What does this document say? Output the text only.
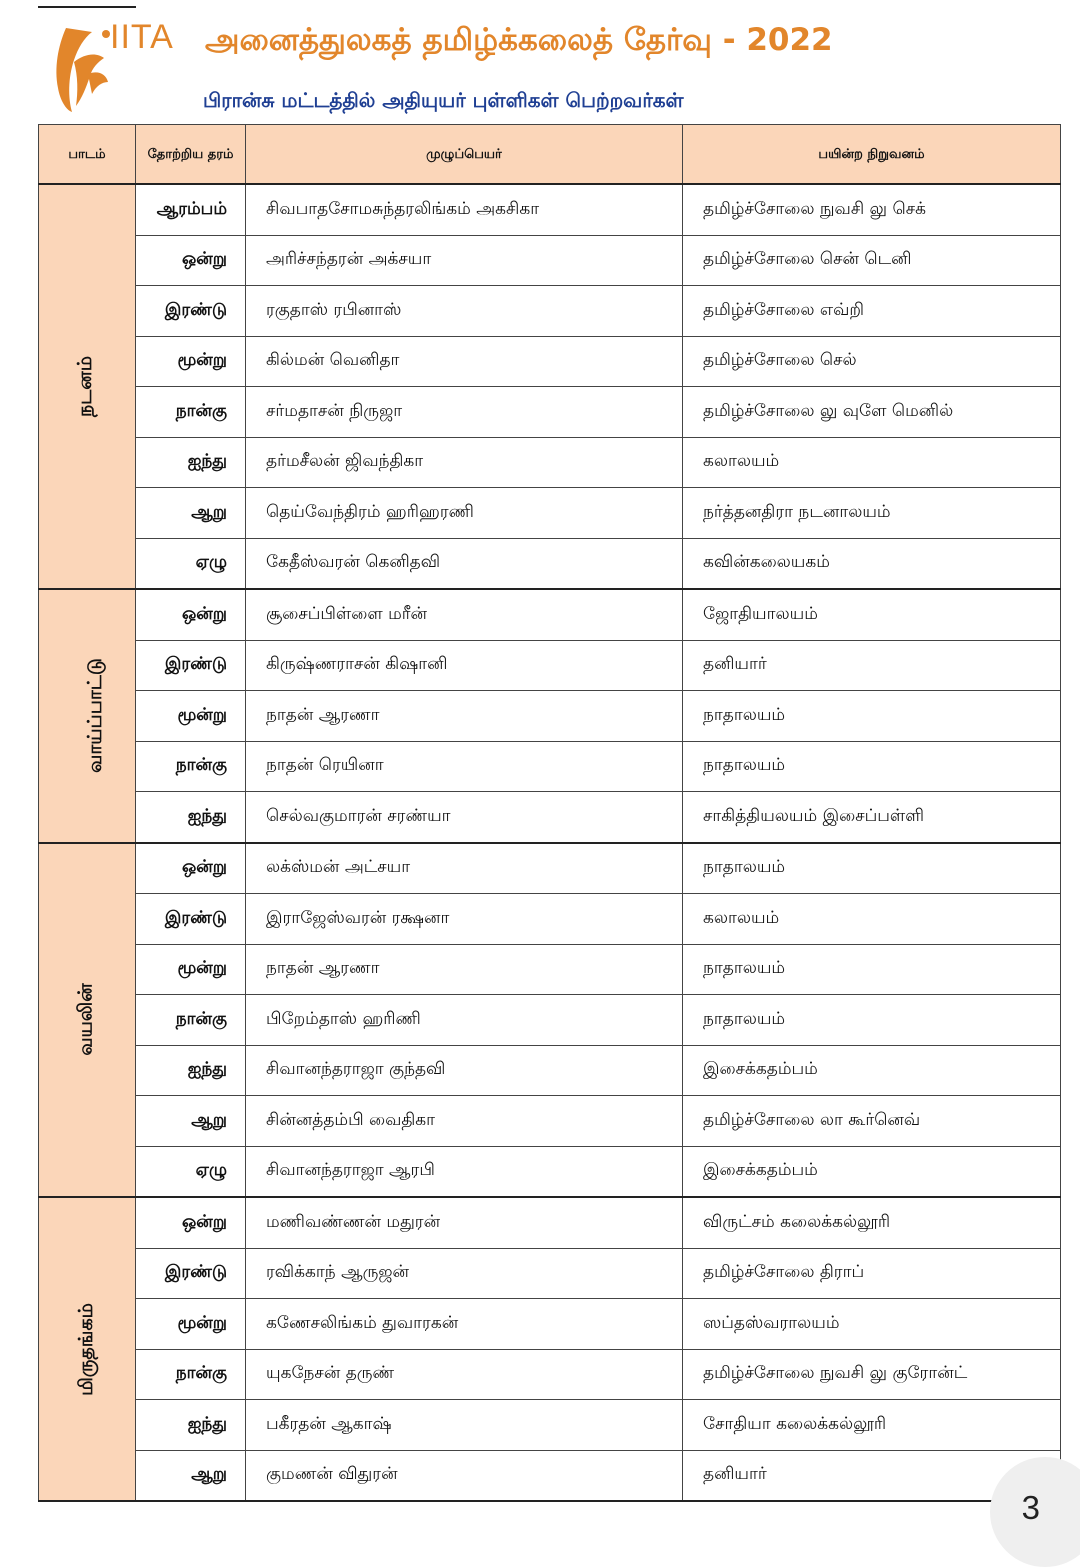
IITA அனைத்துலகத் தமிழ்க்கலைத் தேர்வு - 2022
பிரான்சு மட்டத்தில் அதியுயர் புள்ளிகள் பெற்றவர்கள்
பாடம்	தோற்றிய தரம்	முழுப்பெயர்	பயின்ற நிறுவனம்
நடனம்	ஆரம்பம்	சிவபாதசோமசுந்தரலிங்கம் அகசிகா	தமிழ்ச்சோலை நுவசி லு செக்
	ஒன்று	அரிச்சந்தரன் அக்சயா	தமிழ்ச்சோலை சென் டெனி
	இரண்டு	ரகுதாஸ் ரபினாஸ்	தமிழ்ச்சோலை எவ்றி
	மூன்று	கில்மன் வெனிதா	தமிழ்ச்சோலை செல்
	நான்கு	சர்மதாசன் நிருஜா	தமிழ்ச்சோலை லு வுளே மெனில்
	ஐந்து	தர்மசீலன் ஜிவந்திகா	கலாலயம்
	ஆறு	தெய்வேந்திரம் ஹரிஹரணி	நர்த்தனதிரா நடனாலயம்
	ஏழு	கேதீஸ்வரன் கெனிதவி	கவின்கலையகம்
வாய்ப்பாட்டு	ஒன்று	சூசைப்பிள்ளை மரீன்	ஜோதியாலயம்
	இரண்டு	கிருஷ்ணராசன் கிஷானி	தனியார்
	மூன்று	நாதன் ஆரணா	நாதாலயம்
	நான்கு	நாதன் ரெயினா	நாதாலயம்
	ஐந்து	செல்வகுமாரன் சரண்யா	சாகித்தியலயம் இசைப்பள்ளி
வயலின்	ஒன்று	லக்ஸ்மன் அட்சயா	நாதாலயம்
	இரண்டு	இராஜேஸ்வரன் ரக்ஷனா	கலாலயம்
	மூன்று	நாதன் ஆரணா	நாதாலயம்
	நான்கு	பிறேம்தாஸ் ஹரிணி	நாதாலயம்
	ஐந்து	சிவானந்தராஜா குந்தவி	இசைக்கதம்பம்
	ஆறு	சின்னத்தம்பி வைதிகா	தமிழ்ச்சோலை லா கூர்னெவ்
	ஏழு	சிவானந்தராஜா ஆரபி	இசைக்கதம்பம்
மிருதங்கம்	ஒன்று	மணிவண்ணன் மதுரன்	விருட்சம் கலைக்கல்லூரி
	இரண்டு	ரவிக்காந் ஆருஜன்	தமிழ்ச்சோலை திராப்
	மூன்று	கணேசலிங்கம் துவாரகன்	ஸப்தஸ்வராலயம்
	நான்கு	யுகநேசன் தருண்	தமிழ்ச்சோலை நுவசி லு குரோன்ட்
	ஐந்து	பகீரதன் ஆகாஷ்	சோதியா கலைக்கல்லூரி
	ஆறு	குமணன் விதுரன்	தனியார்
3
